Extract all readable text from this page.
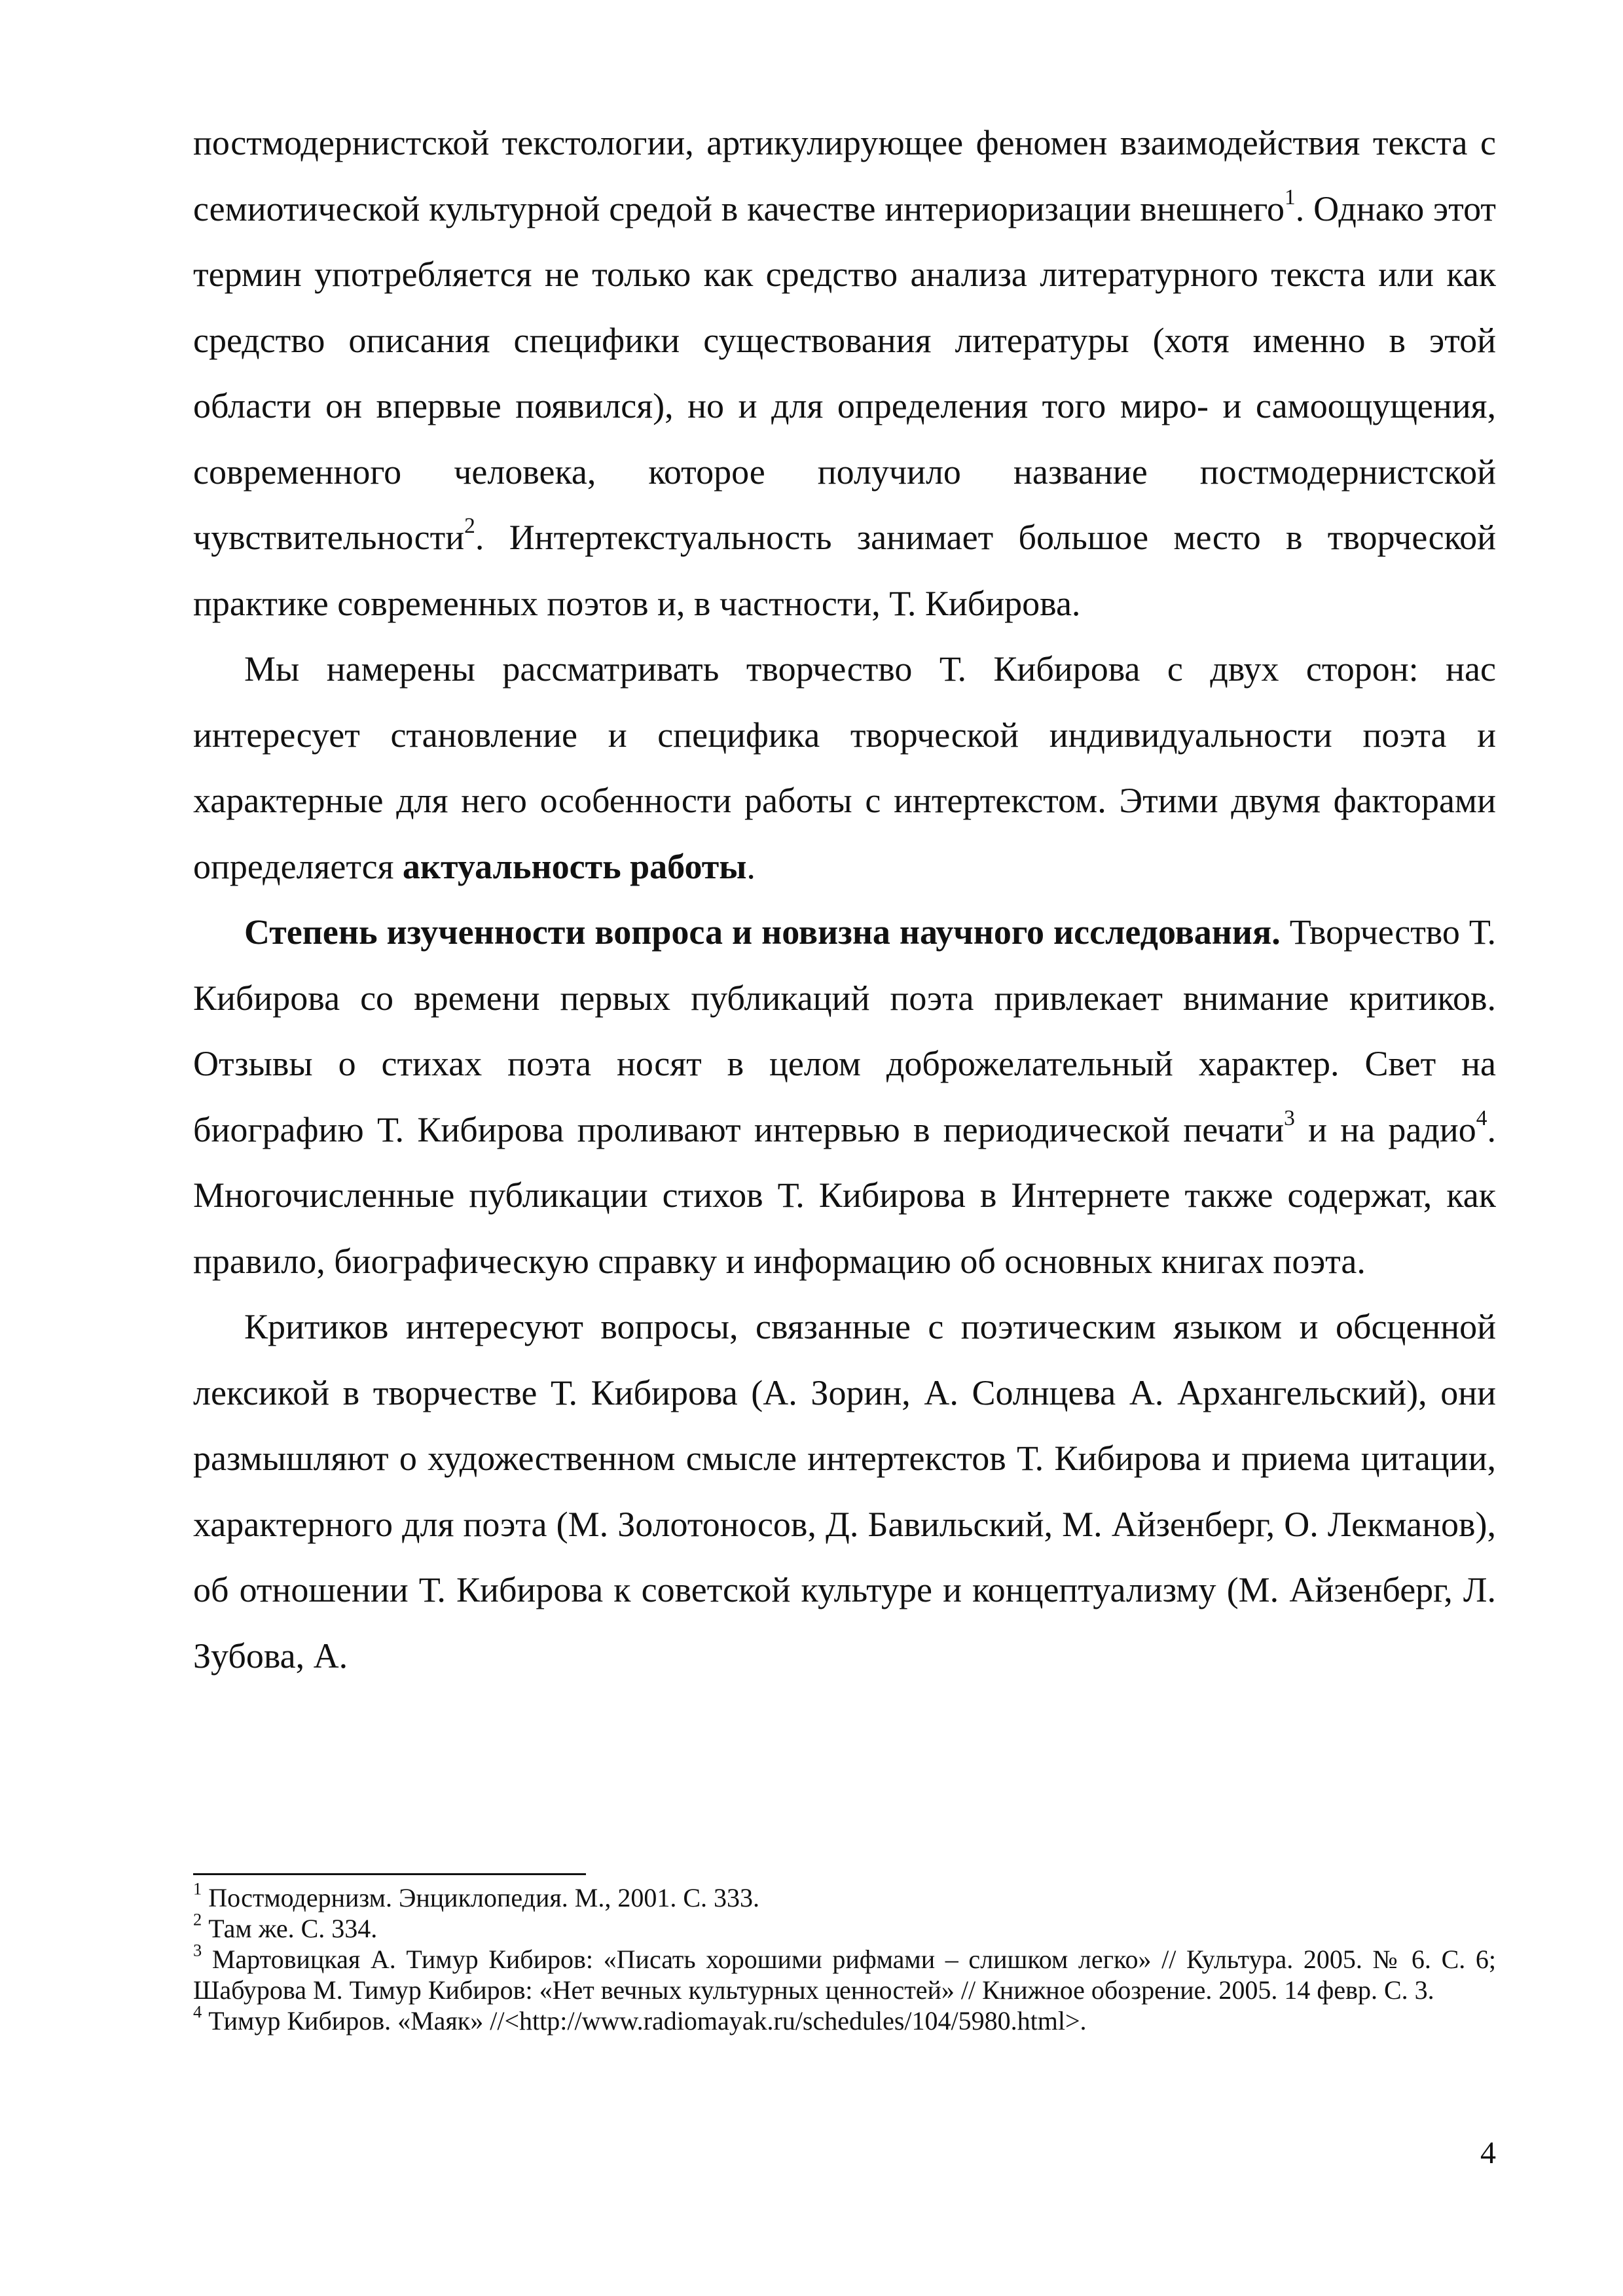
постмодернистской текстологии, артикулирующее феномен взаимодействия текста с семиотической культурной средой в качестве интериоризации внешнего$^1$. Однако этот термин употребляется не только как средство анализа литературного текста или как средство описания специфики существования литературы (хотя именно в этой области он впервые появился), но и для определения того миро- и самоощущения, современного человека, которое получило название постмодернистской чувствительности$^2$. Интертекстуальность занимает большое место в творческой практике современных поэтов и, в частности, Т. Кибирова.

Мы намерены рассматривать творчество Т. Кибирова с двух сторон: нас интересует становление и специфика творческой индивидуальности поэта и характерные для него особенности работы с интертекстом. Этими двумя факторами определяется актуальность работы.

Степень изученности вопроса и новизна научного исследования. Творчество Т. Кибирова со времени первых публикаций поэта привлекает внимание критиков. Отзывы о стихах поэта носят в целом доброжелательный характер. Свет на биографию Т. Кибирова проливают интервью в периодической печати$^3$ и на радио$^4$. Многочисленные публикации стихов Т. Кибирова в Интернете также содержат, как правило, биографическую справку и информацию об основных книгах поэта.

Критиков интересуют вопросы, связанные с поэтическим языком и обсценной лексикой в творчестве Т. Кибирова (А. Зорин, А. Солнцева А. Архангельский), они размышляют о художественном смысле интертекстов Т. Кибирова и приема цитации, характерного для поэта (М. Золотоносов, Д. Бавильский, М. Айзенберг, О. Лекманов), об отношении Т. Кибирова к советской культуре и концептуализму (М. Айзенберг, Л. Зубова, А.

$^1$ Постмодернизм. Энциклопедия. М., 2001. С. 333.

$^2$ Там же. С. 334.

$^3$ Мартовицкая А. Тимур Кибиров: «Писать хорошими рифмами – слишком легко» // Культура. 2005. № 6. С. 6; Шабурова М. Тимур Кибиров: «Нет вечных культурных ценностей» // Книжное обозрение. 2005. 14 февр. С. 3.

$^4$ Тимур Кибиров. «Маяк» //<http://www.radiomayak.ru/schedules/104/5980.html>.

4
